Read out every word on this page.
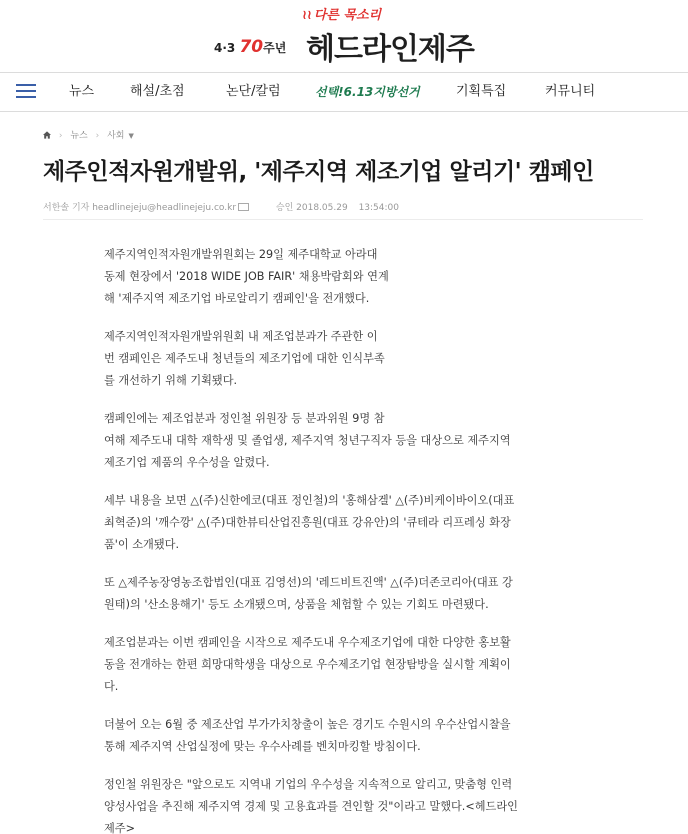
4·3 70주년
≀≀ 다른 목소리
헤드라인제주
뉴스	해설/초점	논단/칼럼	선택!6.13지방선거	기획특집	커뮤니티
› 뉴스 › 사회 ▼
제주인적자원개발위, '제주지역 제조기업 알리기' 캠페인
서한솔 기자 headlinejeju@headlinejeju.co.kr	승인 2018.05.29 13:54:00

제주지역인적자원개발위원회는 29일 제주대학교 아라대
동제 현장에서 '2018 WIDE JOB FAIR' 채용박람회와 연계
해 '제주지역 제조기업 바로알리기 캠페인'을 전개했다.

제주지역인적자원개발위원회 내 제조업분과가 주관한 이
번 캠페인은 제주도내 청년들의 제조기업에 대한 인식부족
를 개선하기 위해 기획됐다.

캠페인에는 제조업분과 정인철 위원장 등 분과위원 9명 참
여해 제주도내 대학 재학생 및 졸업생, 제주지역 청년구직자 등을 대상으로 제주지역
제조기업 제품의 우수성을 알렸다.

세부 내용을 보면 △(주)신한에코(대표 정인철)의 '홍해삼겔' △(주)비케이바이오(대표
최혁준)의 '깨수깡' △(주)대한뷰티산업진흥원(대표 강유안)의 '큐테라 리프레싱 화장
품'이 소개됐다.

또 △제주농장영농조합법인(대표 김영선)의 '레드비트진액' △(주)더존코리아(대표 강
원태)의 '산소용해기' 등도 소개됐으며, 상품을 체험할 수 있는 기회도 마련됐다.

제조업분과는 이번 캠페인을 시작으로 제주도내 우수제조기업에 대한 다양한 홍보활
동을 전개하는 한편 희망대학생을 대상으로 우수제조기업 현장탐방을 실시할 계획이
다.

더불어 오는 6월 중 제조산업 부가가치창출이 높은 경기도 수원시의 우수산업시찰을
통해 제주지역 산업실정에 맞는 우수사례를 벤치마킹할 방침이다.

정인철 위원장은 "앞으로도 지역내 기업의 우수성을 지속적으로 알리고, 맞춤형 인력
양성사업을 추진해 제주지역 경제 및 고용효과를 견인할 것"이라고 말했다.<헤드라인
제주>
